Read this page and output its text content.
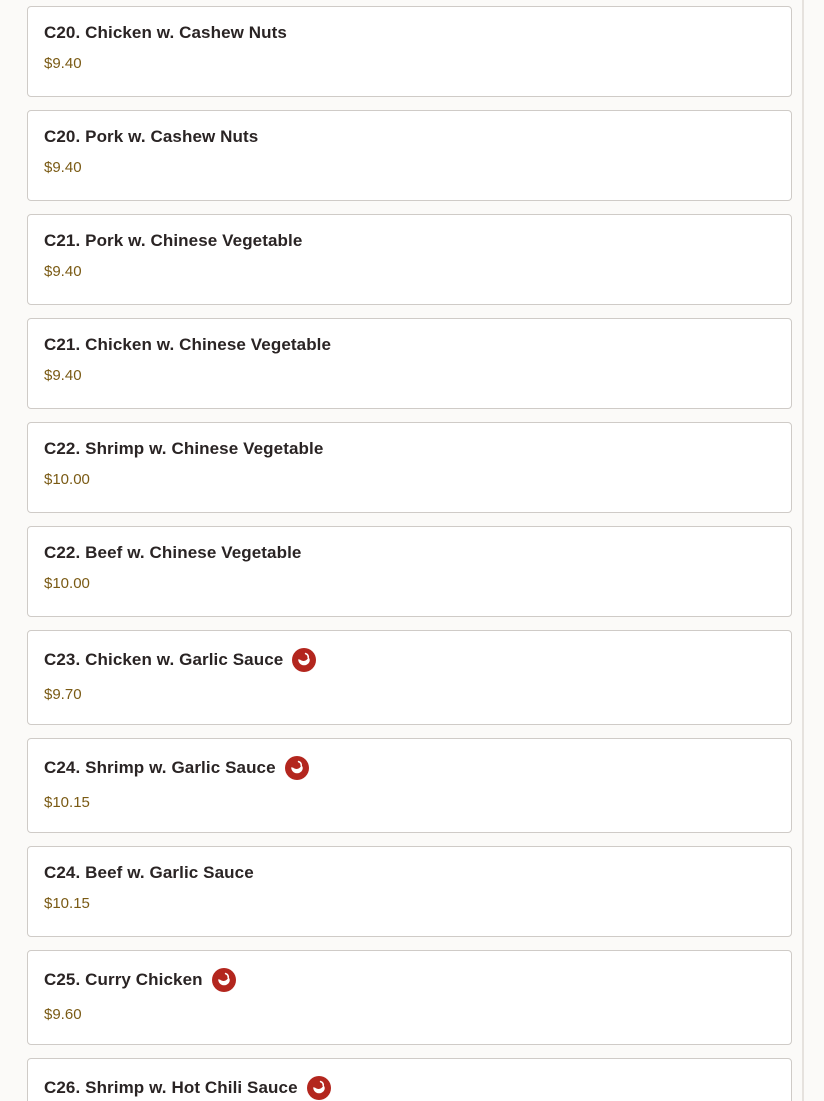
C20. Chicken w. Cashew Nuts
$9.40
C20. Pork w. Cashew Nuts
$9.40
C21. Pork w. Chinese Vegetable
$9.40
C21. Chicken w. Chinese Vegetable
$9.40
C22. Shrimp w. Chinese Vegetable
$10.00
C22. Beef w. Chinese Vegetable
$10.00
C23. Chicken w. Garlic Sauce
$9.70
C24. Shrimp w. Garlic Sauce
$10.15
C24. Beef w. Garlic Sauce
$10.15
C25. Curry Chicken
$9.60
C26. Shrimp w. Hot Chili Sauce
